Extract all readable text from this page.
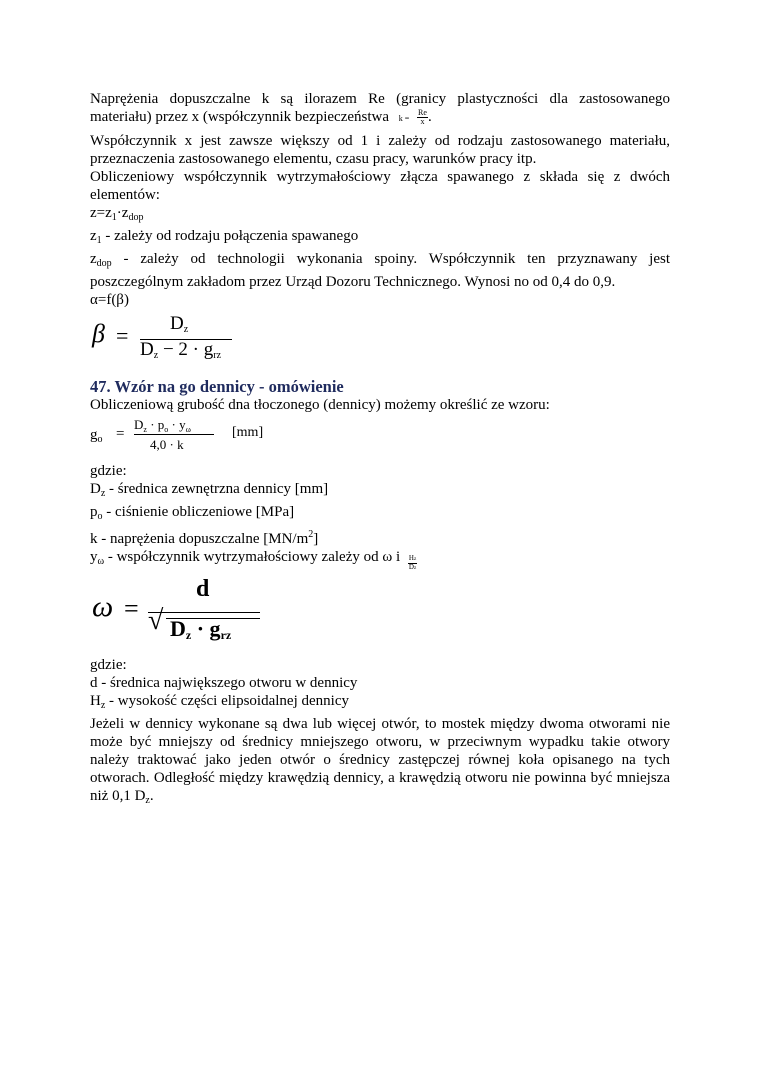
Naprężenia dopuszczalne k są ilorazem Re (granicy plastyczności dla zastosowanego

materiału) przez x (współczynnik bezpieczeństwa $k = \frac{Re}{x}$ .

Współczynnik x jest zawsze większy od 1 i zależy od rodzaju zastosowanego materiału, przeznaczenia zastosowanego elementu, czasu pracy, warunków pracy itp.

Obliczeniowy współczynnik wytrzymałościowy złącza spawanego z składa się z dwóch elementów:

$z=z_1\cdot z_{dop}$

$z_1$ - zależy od rodzaju połączenia spawanego

$z_{dop}$ - zależy od technologii wykonania spoiny. Współczynnik ten przyznawany jest poszczególnym zakładom przez Urząd Dozoru Technicznego. Wynosi no od 0,4 do 0,9.

α=f(β)

$\beta = D_z$
$D_z - 2 \cdot g_{rz}$
47. Wzór na go dennicy - omówienie

Obliczeniową grubość dna tłoczonego (dennicy) możemy określić ze wzoru:

$g_o$ =
$D_z \cdot p_o \cdot y_\omega$
4,0 · k
[mm]

gdzie:

$D_z$ - średnica zewnętrzna dennicy [mm]

$p_o$ - ciśnienie obliczeniowe [MPa]

k - naprężenia dopuszczalne $[MN/m^2]$

$y_\omega$ - współczynnik wytrzymałościowy zależy od ω i $\frac{Hz}{Dz}$

ω =
d
√ $D_z \cdot g_{rz}$

gdzie:

d - średnica największego otworu w dennicy

$H_z$ - wysokość części elipsoidalnej dennicy

Jeżeli w dennicy wykonane są dwa lub więcej otwór, to mostek między dwoma otworami nie może być mniejszy od średnicy mniejszego otworu, w przeciwnym wypadku takie otwory należy traktować jako jeden otwór o średnicy zastępczej równej koła opisanego na tych otworach. Odległość między krawędzią dennicy, a krawędzią otworu nie powinna być mniejsza niż 0,1 $D_z$.
